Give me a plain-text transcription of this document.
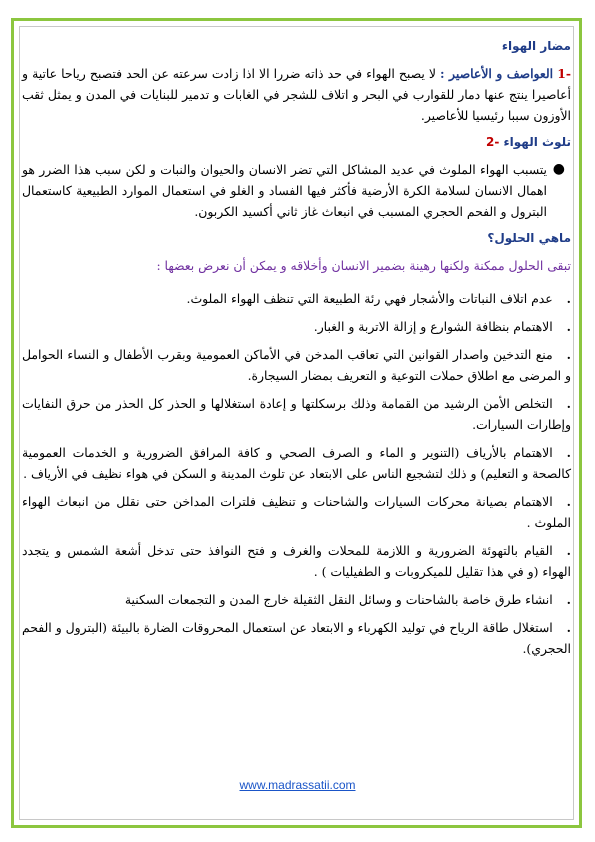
مضار الهواء

-1 العواصف و الأعاصير : لا يصبح الهواء في حد ذاته ضررا الا اذا زادت سرعته عن الحد فتصبح رياحا عاتية و أعاصيرا ينتج عنها دمار للقوارب في البحر و اتلاف للشجر في الغابات و تدمير للبنايات في المدن و يمثل ثقب الأوزون سببا رئيسيا للأعاصير.

تلوث الهواء -2

●
يتسبب الهواء الملوث في عديد المشاكل التي تضر الانسان والحيوان والنبات و لكن سبب هذا الضرر هو اهمال الانسان لسلامة الكرة الأرضية فأكثر فيها الفساد و الغلو في استعمال الموارد الطبيعية كاستعمال البترول و الفحم الحجري المسبب في انبعاث غاز ثاني أكسيد الكربون.

ماهي الحلول؟

تبقى الحلول ممكنة ولكنها رهينة بضمير الانسان وأخلاقه و يمكن أن نعرض بعضها :

.عدم اتلاف النباتات والأشجار فهي رئة الطبيعة التي تنظف الهواء الملوث.

.الاهتمام بنظافة الشوارع و إزالة الاتربة و الغبار.

.منع التدخين واصدار القوانين التي تعاقب المدخن في الأماكن العمومية وبقرب الأطفال و النساء الحوامل و المرضى مع اطلاق حملات التوعية و التعريف بمضار السيجارة.

.التخلص الأمن الرشيد من القمامة وذلك برسكلتها و إعادة استغلالها و الحذر كل الحذر من حرق النفايات وإطارات السيارات.

.الاهتمام بالأرياف (التنوير و الماء و الصرف الصحي و كافة المرافق الضرورية و الخدمات العمومية كالصحة و التعليم) و ذلك لتشجيع الناس على الابتعاد عن تلوث المدينة و السكن في هواء نظيف في الأرياف .

.الاهتمام بصيانة محركات السيارات والشاحنات و تنظيف فلترات المداخن حتى نقلل من انبعاث الهواء الملوث .

.القيام بالتهوئة الضرورية و اللازمة للمحلات والغرف و فتح النوافذ حتى تدخل أشعة الشمس و يتجدد الهواء (و في هذا تقليل للميكروبات و الطفيليات ) .

.انشاء طرق خاصة بالشاحنات و وسائل النقل الثقيلة خارج المدن و التجمعات السكنية

.استغلال طاقة الرياح في توليد الكهرباء و الابتعاد عن استعمال المحروقات الضارة بالبيئة (البترول و الفحم الحجري).

www.madrassatii.com
